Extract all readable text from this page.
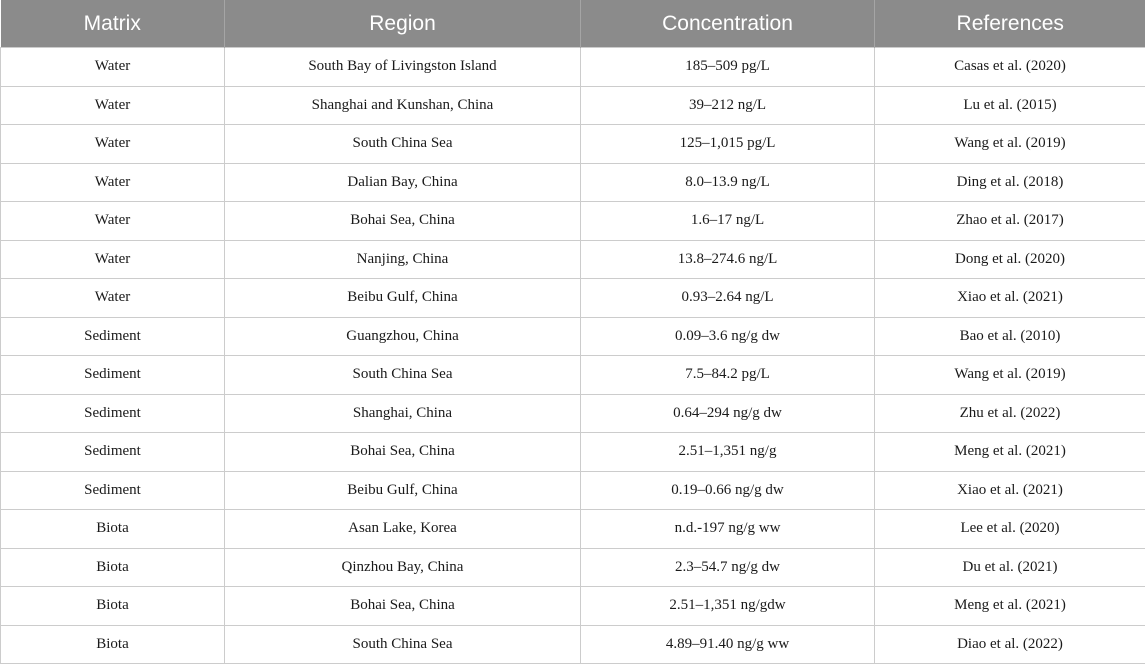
Matrix	Region	Concentration	References
Water	South Bay of Livingston Island	185–509 pg/L	Casas et al. (2020)
Water	Shanghai and Kunshan, China	39–212 ng/L	Lu et al. (2015)
Water	South China Sea	125–1,015 pg/L	Wang et al. (2019)
Water	Dalian Bay, China	8.0–13.9 ng/L	Ding et al. (2018)
Water	Bohai Sea, China	1.6–17 ng/L	Zhao et al. (2017)
Water	Nanjing, China	13.8–274.6 ng/L	Dong et al. (2020)
Water	Beibu Gulf, China	0.93–2.64 ng/L	Xiao et al. (2021)
Sediment	Guangzhou, China	0.09–3.6 ng/g dw	Bao et al. (2010)
Sediment	South China Sea	7.5–84.2 pg/L	Wang et al. (2019)
Sediment	Shanghai, China	0.64–294 ng/g dw	Zhu et al. (2022)
Sediment	Bohai Sea, China	2.51–1,351 ng/g	Meng et al. (2021)
Sediment	Beibu Gulf, China	0.19–0.66 ng/g dw	Xiao et al. (2021)
Biota	Asan Lake, Korea	n.d.-197 ng/g ww	Lee et al. (2020)
Biota	Qinzhou Bay, China	2.3–54.7 ng/g dw	Du et al. (2021)
Biota	Bohai Sea, China	2.51–1,351 ng/gdw	Meng et al. (2021)
Biota	South China Sea	4.89–91.40 ng/g ww	Diao et al. (2022)
